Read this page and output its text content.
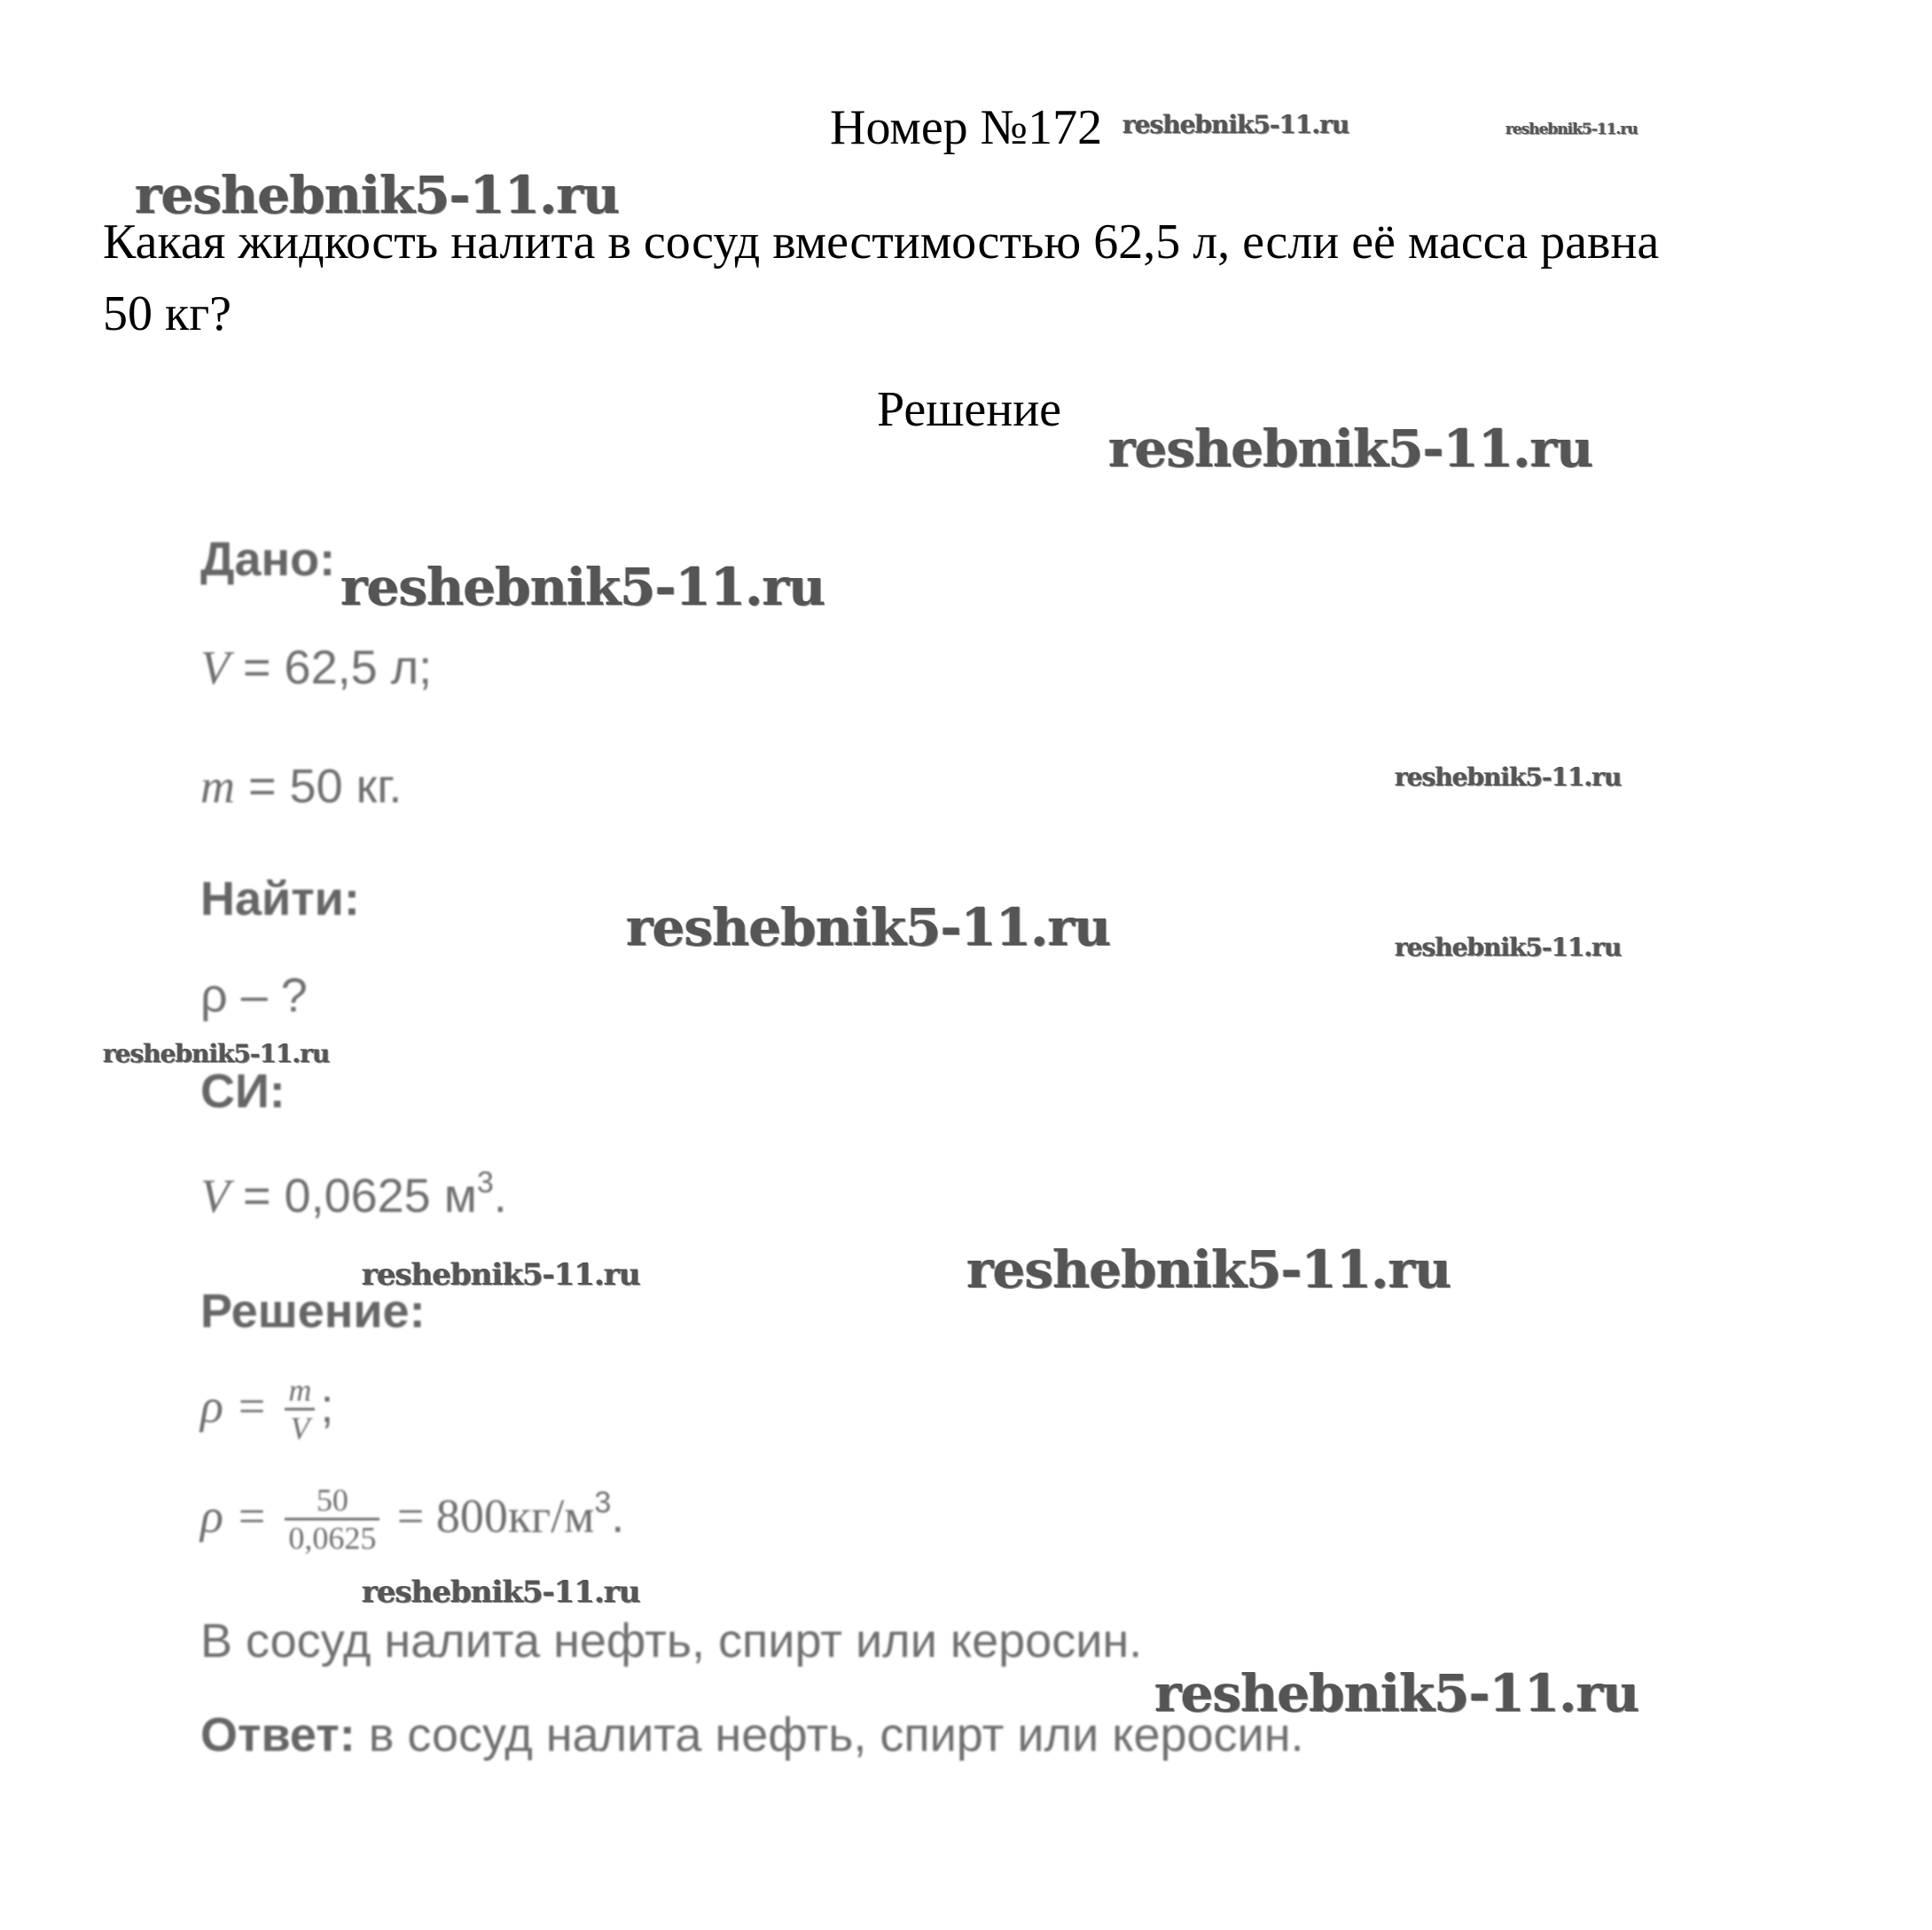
Номер №172
Какая жидкость налита в сосуд вместимостью 62,5 л, если её масса равна 50 кг?
Решение
Дано:
V = 62,5 л;
m = 50 кг.
Найти:
ρ – ?
СИ:
V = 0,0625 $м^3$.
Решение:
$\rho = \frac{m}{V}$ ;
$\rho = \frac{50}{0,0625} = 800кг/м^3$.
В сосуд налита нефть, спирт или керосин.
Ответ: в сосуд налита нефть, спирт или керосин.
reshebnik5-11.ru	reshebnik5-11.ru
reshebnik5-11.ru
reshebnik5-11.ru
reshebnik5-11.ru
reshebnik5-11.ru
reshebnik5-11.ru	reshebnik5-11.ru
reshebnik5-11.ru
reshebnik5-11.ru	reshebnik5-11.ru
reshebnik5-11.ru
reshebnik5-11.ru
